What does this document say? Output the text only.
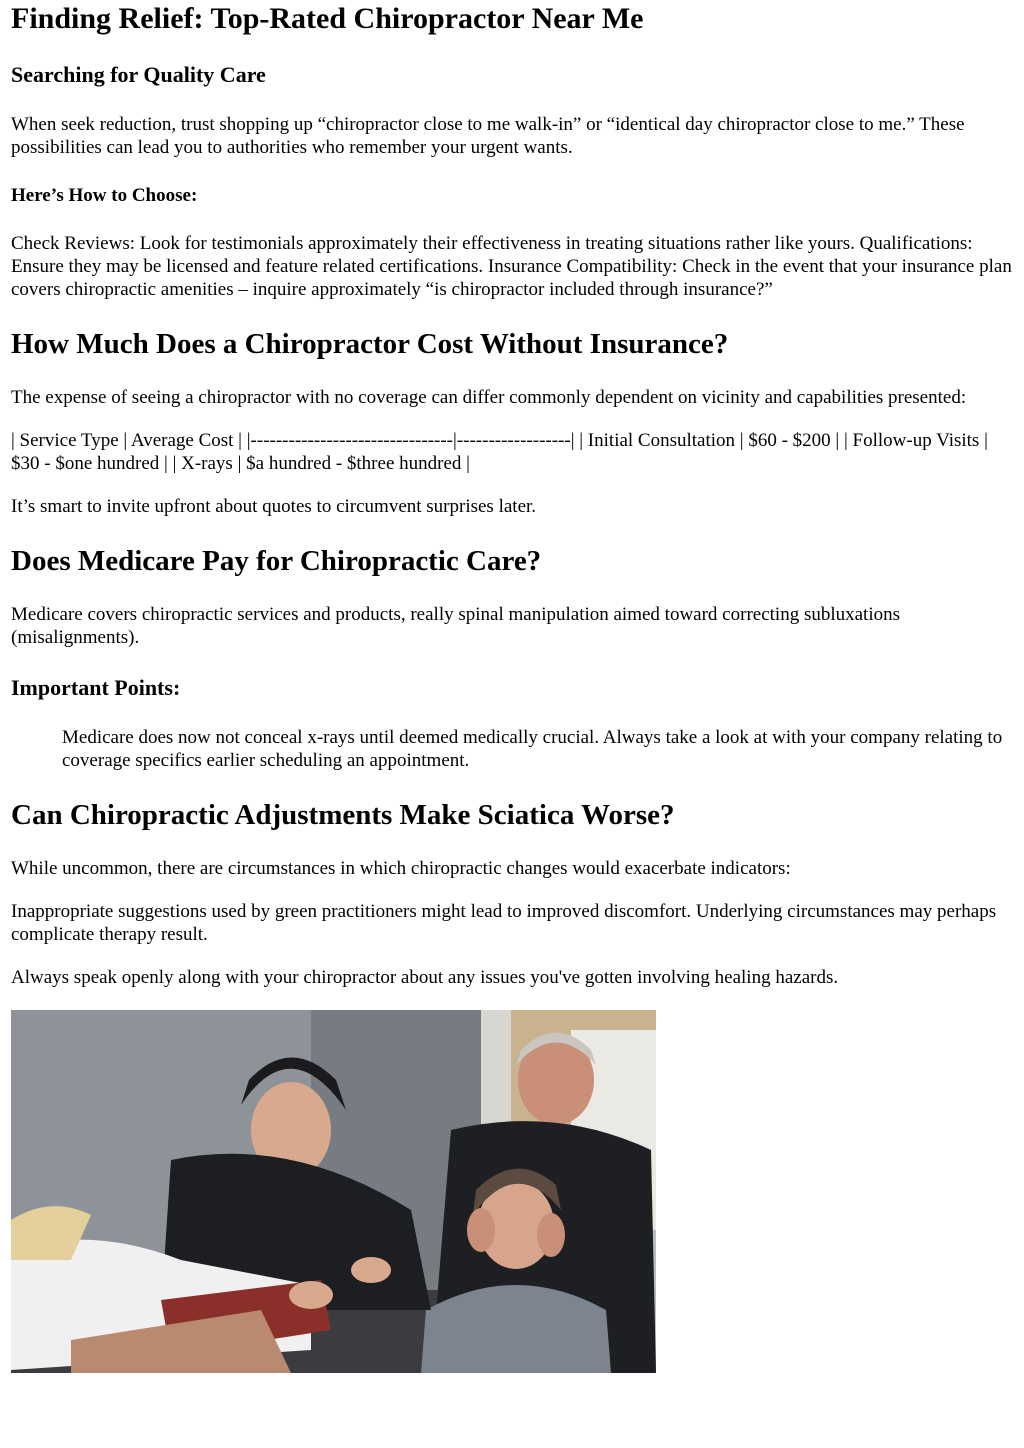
Finding Relief: Top-Rated Chiropractor Near Me
Searching for Quality Care

When seek reduction, trust shopping up “chiropractor close to me walk-in” or “identical day chiropractor close to me.” These possibilities can lead you to authorities who remember your urgent wants.

Here’s How to Choose:

Check Reviews: Look for testimonials approximately their effectiveness in treating situations rather like yours. Qualifications: Ensure they may be licensed and feature related certifications. Insurance Compatibility: Check in the event that your insurance plan covers chiropractic amenities – inquire approximately “is chiropractor included through insurance?”

How Much Does a Chiropractor Cost Without Insurance?

The expense of seeing a chiropractor with no coverage can differ commonly dependent on vicinity and capabilities presented:

| Service Type | Average Cost | |--------------------------------|------------------| | Initial Consultation | $60 - $200 | | Follow-up Visits | $30 - $one hundred | | X-rays | $a hundred - $three hundred |

It’s smart to invite upfront about quotes to circumvent surprises later.

Does Medicare Pay for Chiropractic Care?

Medicare covers chiropractic services and products, really spinal manipulation aimed toward correcting subluxations (misalignments).

Important Points:
Medicare does now not conceal x-rays until deemed medically crucial. Always take a look at with your company relating to coverage specifics earlier scheduling an appointment.
Can Chiropractic Adjustments Make Sciatica Worse?

While uncommon, there are circumstances in which chiropractic changes would exacerbate indicators:

Inappropriate suggestions used by green practitioners might lead to improved discomfort. Underlying circumstances may perhaps complicate therapy result.

Always speak openly along with your chiropractor about any issues you've gotten involving healing hazards.
